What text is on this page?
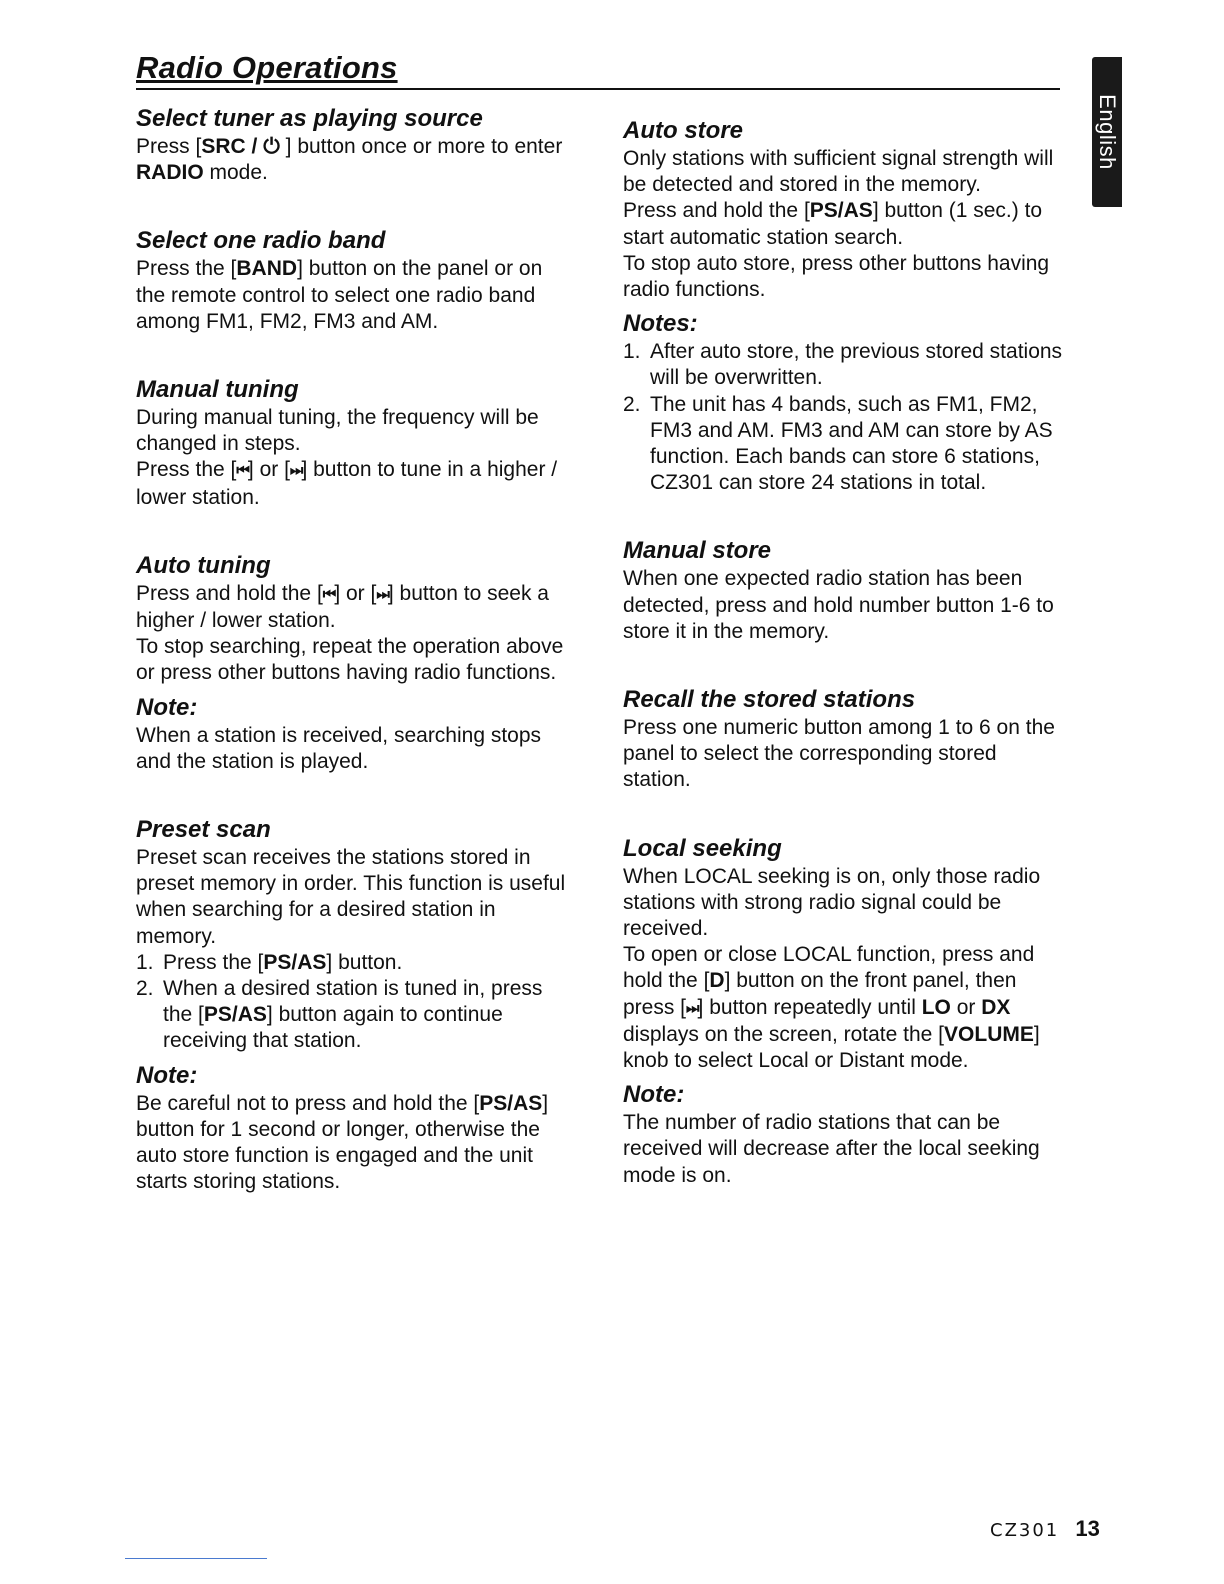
Radio Operations
English
Select tuner as playing source

Press [SRC / ⏻ ] button once or more to enter RADIO mode.

Select one radio band

Press the [BAND] button on the panel or on the remote control to select one radio band among FM1, FM2, FM3 and AM.

Manual tuning

During manual tuning, the frequency will be changed in steps.

Press the [⏮] or [⏭] button to tune in a higher / lower station.

Auto tuning

Press and hold the [⏮] or [⏭] button to seek a higher / lower station.

To stop searching, repeat the operation above or press other buttons having radio functions.

Note:

When a station is received, searching stops and the station is played.

Preset scan

Preset scan receives the stations stored in preset memory in order. This function is useful when searching for a desired station in memory.

1. Press the [PS/AS] button.
2. When a desired station is tuned in, press the [PS/AS] button again to continue receiving that station.
Note:

Be careful not to press and hold the [PS/AS] button for 1 second or longer, otherwise the auto store function is engaged and the unit starts storing stations.

Auto store

Only stations with sufficient signal strength will be detected and stored in the memory.

Press and hold the [PS/AS] button (1 sec.) to start automatic station search.

To stop auto store, press other buttons having radio functions.

Notes:
1. After auto store, the previous stored stations will be overwritten.
2. The unit has 4 bands, such as FM1, FM2, FM3 and AM. FM3 and AM can store by AS function. Each bands can store 6 stations, CZ301 can store 24 stations in total.
Manual store

When one expected radio station has been detected, press and hold number button 1-6 to store it in the memory.

Recall the stored stations

Press one numeric button among 1 to 6 on the panel to select the corresponding stored station.

Local seeking

When LOCAL seeking is on, only those radio stations with strong radio signal could be received.

To open or close LOCAL function, press and hold the [D] button on the front panel, then press [⏭] button repeatedly until LO or DX displays on the screen, rotate the [VOLUME] knob to select Local or Distant mode.

Note:

The number of radio stations that can be received will decrease after the local seeking mode is on.

CZ301 13
